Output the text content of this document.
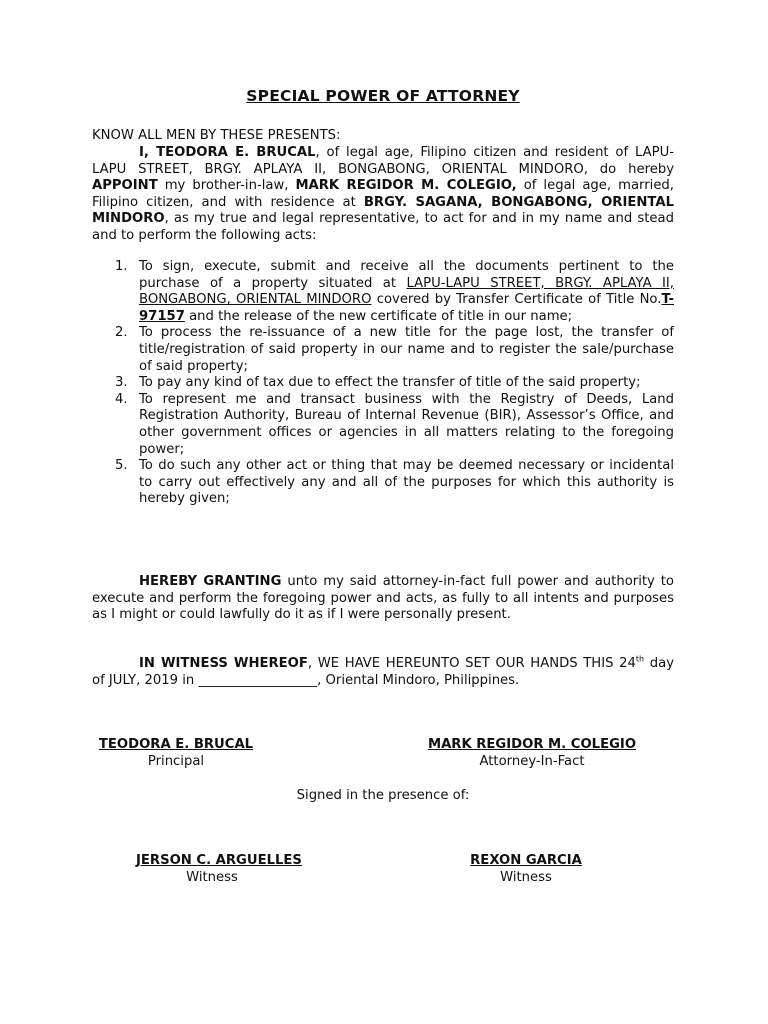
SPECIAL POWER OF ATTORNEY
KNOW ALL MEN BY THESE PRESENTS:
I, TEODORA E. BRUCAL, of legal age, Filipino citizen and resident of LAPU-LAPU STREET, BRGY. APLAYA II, BONGABONG, ORIENTAL MINDORO, do hereby APPOINT my brother-in-law, MARK REGIDOR M. COLEGIO, of legal age, married, Filipino citizen, and with residence at BRGY. SAGANA, BONGABONG, ORIENTAL MINDORO, as my true and legal representative, to act for and in my name and stead and to perform the following acts:
1. To sign, execute, submit and receive all the documents pertinent to the purchase of a property situated at LAPU-LAPU STREET, BRGY. APLAYA II, BONGABONG, ORIENTAL MINDORO covered by Transfer Certificate of Title No.T-97157 and the release of the new certificate of title in our name;
2. To process the re-issuance of a new title for the page lost, the transfer of title/registration of said property in our name and to register the sale/purchase of said property;
3. To pay any kind of tax due to effect the transfer of title of the said property;
4. To represent me and transact business with the Registry of Deeds, Land Registration Authority, Bureau of Internal Revenue (BIR), Assessor’s Office, and other government offices or agencies in all matters relating to the foregoing power;
5. To do such any other act or thing that may be deemed necessary or incidental to carry out effectively any and all of the purposes for which this authority is hereby given;
HEREBY GRANTING unto my said attorney-in-fact full power and authority to execute and perform the foregoing power and acts, as fully to all intents and purposes as I might or could lawfully do it as if I were personally present.
IN WITNESS WHEREOF, WE HAVE HEREUNTO SET OUR HANDS THIS 24th day of JULY, 2019 in __________________, Oriental Mindoro, Philippines.
TEODORA E. BRUCAL
Principal
MARK REGIDOR M. COLEGIO
Attorney-In-Fact
Signed in the presence of:
JERSON C. ARGUELLES
Witness
REXON GARCIA
Witness
